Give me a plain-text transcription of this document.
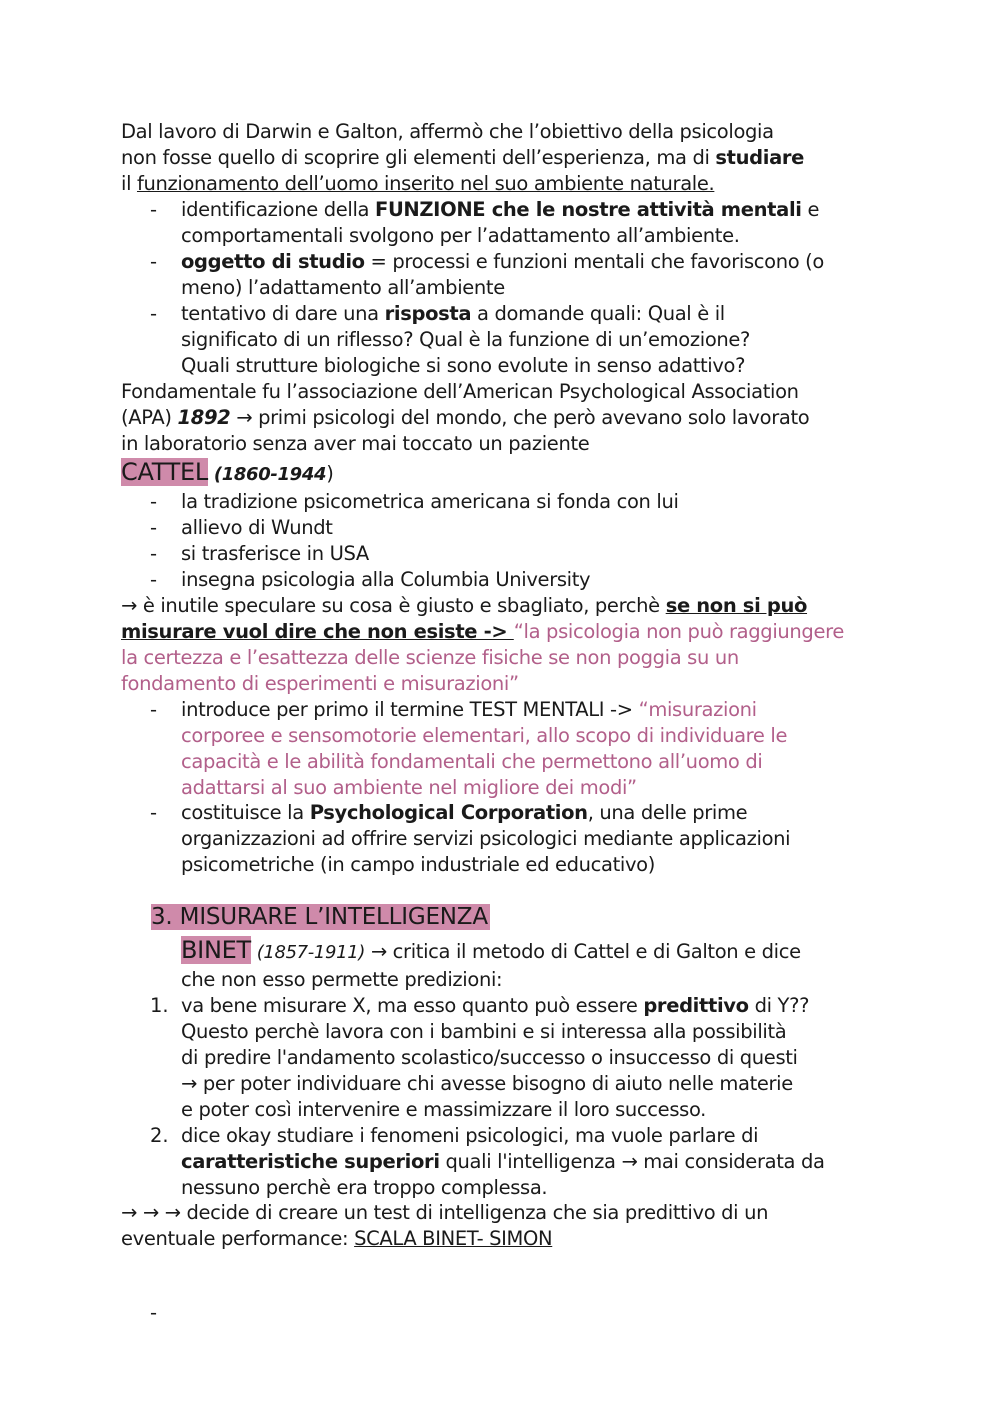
Dal lavoro di Darwin e Galton, affermò che l’obiettivo della psicologia

non fosse quello di scoprire gli elementi dell’esperienza, ma di studiare

il funzionamento dell’uomo inserito nel suo ambiente naturale.

- identificazione della FUNZIONE che le nostre attività mentali e

comportamentali svolgono per l’adattamento all’ambiente.

- oggetto di studio = processi e funzioni mentali che favoriscono (o

meno) l’adattamento all’ambiente

- tentativo di dare una risposta a domande quali: Qual è il

significato di un riflesso? Qual è la funzione di un’emozione?

Quali strutture biologiche si sono evolute in senso adattivo?

Fondamentale fu l’associazione dell’American Psychological Association

(APA) 1892 → primi psicologi del mondo, che però avevano solo lavorato

in laboratorio senza aver mai toccato un paziente

CATTEL (1860-1944)

- la tradizione psicometrica americana si fonda con lui

- allievo di Wundt

- si trasferisce in USA

- insegna psicologia alla Columbia University

→ è inutile speculare su cosa è giusto e sbagliato, perchè se non si può

misurare vuol dire che non esiste -> “la psicologia non può raggiungere

la certezza e l’esattezza delle scienze fisiche se non poggia su un

fondamento di esperimenti e misurazioni”

- introduce per primo il termine TEST MENTALI -> “misurazioni

corporee e sensomotorie elementari, allo scopo di individuare le

capacità e le abilità fondamentali che permettono all’uomo di

adattarsi al suo ambiente nel migliore dei modi”

- costituisce la Psychological Corporation, una delle prime

organizzazioni ad offrire servizi psicologici mediante applicazioni

psicometriche (in campo industriale ed educativo)

3. MISURARE L’INTELLIGENZA

BINET (1857-1911) → critica il metodo di Cattel e di Galton e dice

che non esso permette predizioni:

1. va bene misurare X, ma esso quanto può essere predittivo di Y??

Questo perchè lavora con i bambini e si interessa alla possibilità

di predire l'andamento scolastico/successo o insuccesso di questi

→ per poter individuare chi avesse bisogno di aiuto nelle materie

e poter così intervenire e massimizzare il loro successo.

2. dice okay studiare i fenomeni psicologici, ma vuole parlare di

caratteristiche superiori quali l'intelligenza → mai considerata da

nessuno perchè era troppo complessa.

→ → → decide di creare un test di intelligenza che sia predittivo di un

eventuale performance: SCALA BINET- SIMON

-
